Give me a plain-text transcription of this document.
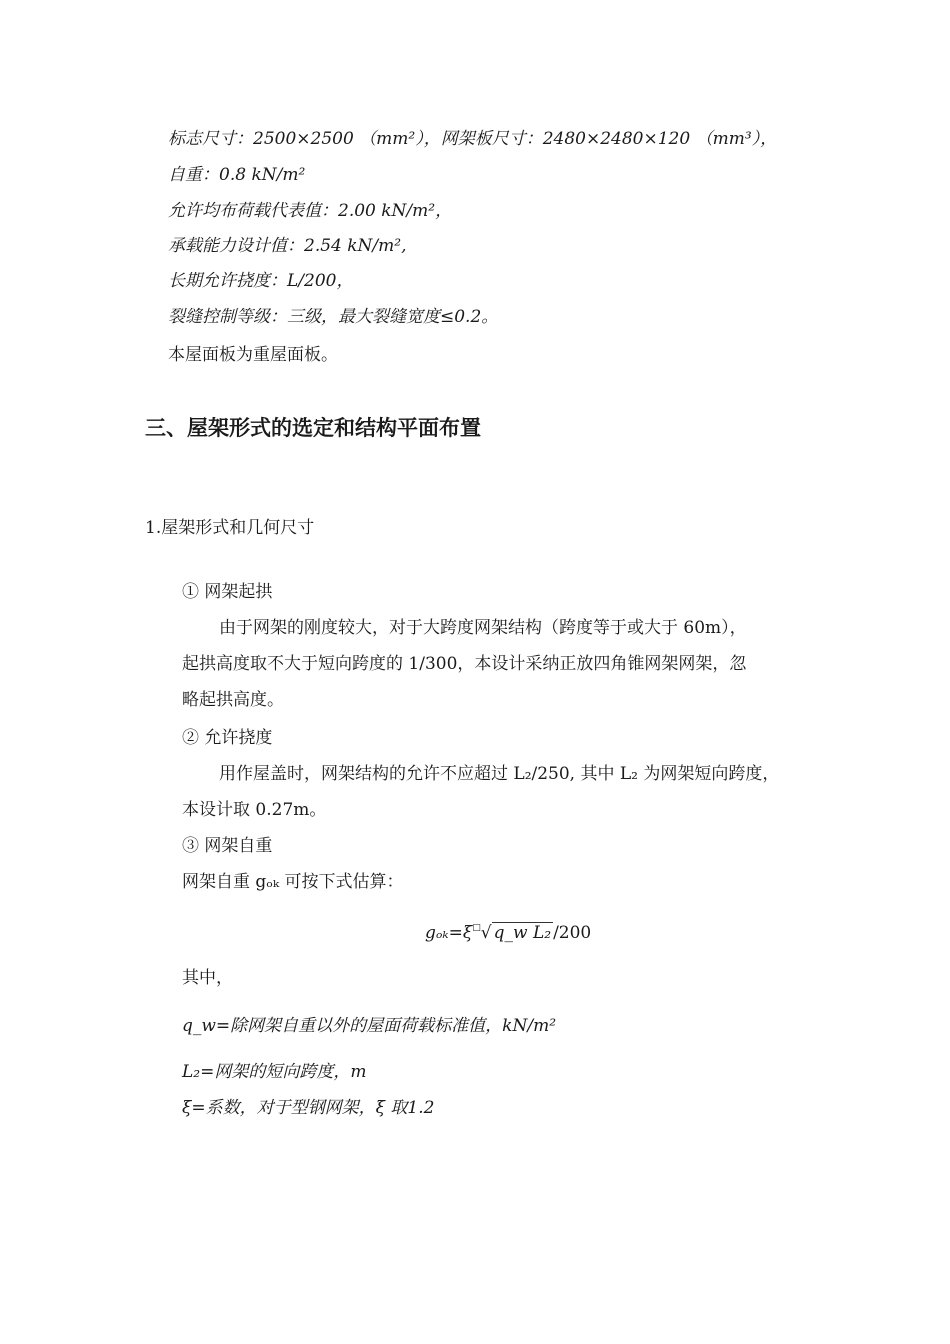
标志尺寸：2500×2500 （mm²），网架板尺寸：2480×2480×120 （mm³），
自重：0.8 kN/m²
允许均布荷载代表值：2.00 kN/m²，
承载能力设计值：2.54 kN/m²,
长期允许挠度：L/200，
裂缝控制等级：三级，最大裂缝宽度≤0.2。
本屋面板为重屋面板。
三、屋架形式的选定和结构平面布置
1.屋架形式和几何尺寸
① 网架起拱
由于网架的刚度较大，对于大跨度网架结构（跨度等于或大于 60m），
起拱高度取不大于短向跨度的 1/300，本设计采纳正放四角锥网架网架，忽
略起拱高度。
② 允许挠度
用作屋盖时，网架结构的允许不应超过 L₂/250, 其中 L₂ 为网架短向跨度，
本设计取 0.27m。
③ 网架自重
网架自重 gₒₖ 可按下式估算：
gₒₖ=ξ□√ q_w L₂ /200
其中，
q_w=除网架自重以外的屋面荷载标准值，kN/m²
L₂=网架的短向跨度，m
ξ=系数，对于型钢网架，ξ 取1.2
